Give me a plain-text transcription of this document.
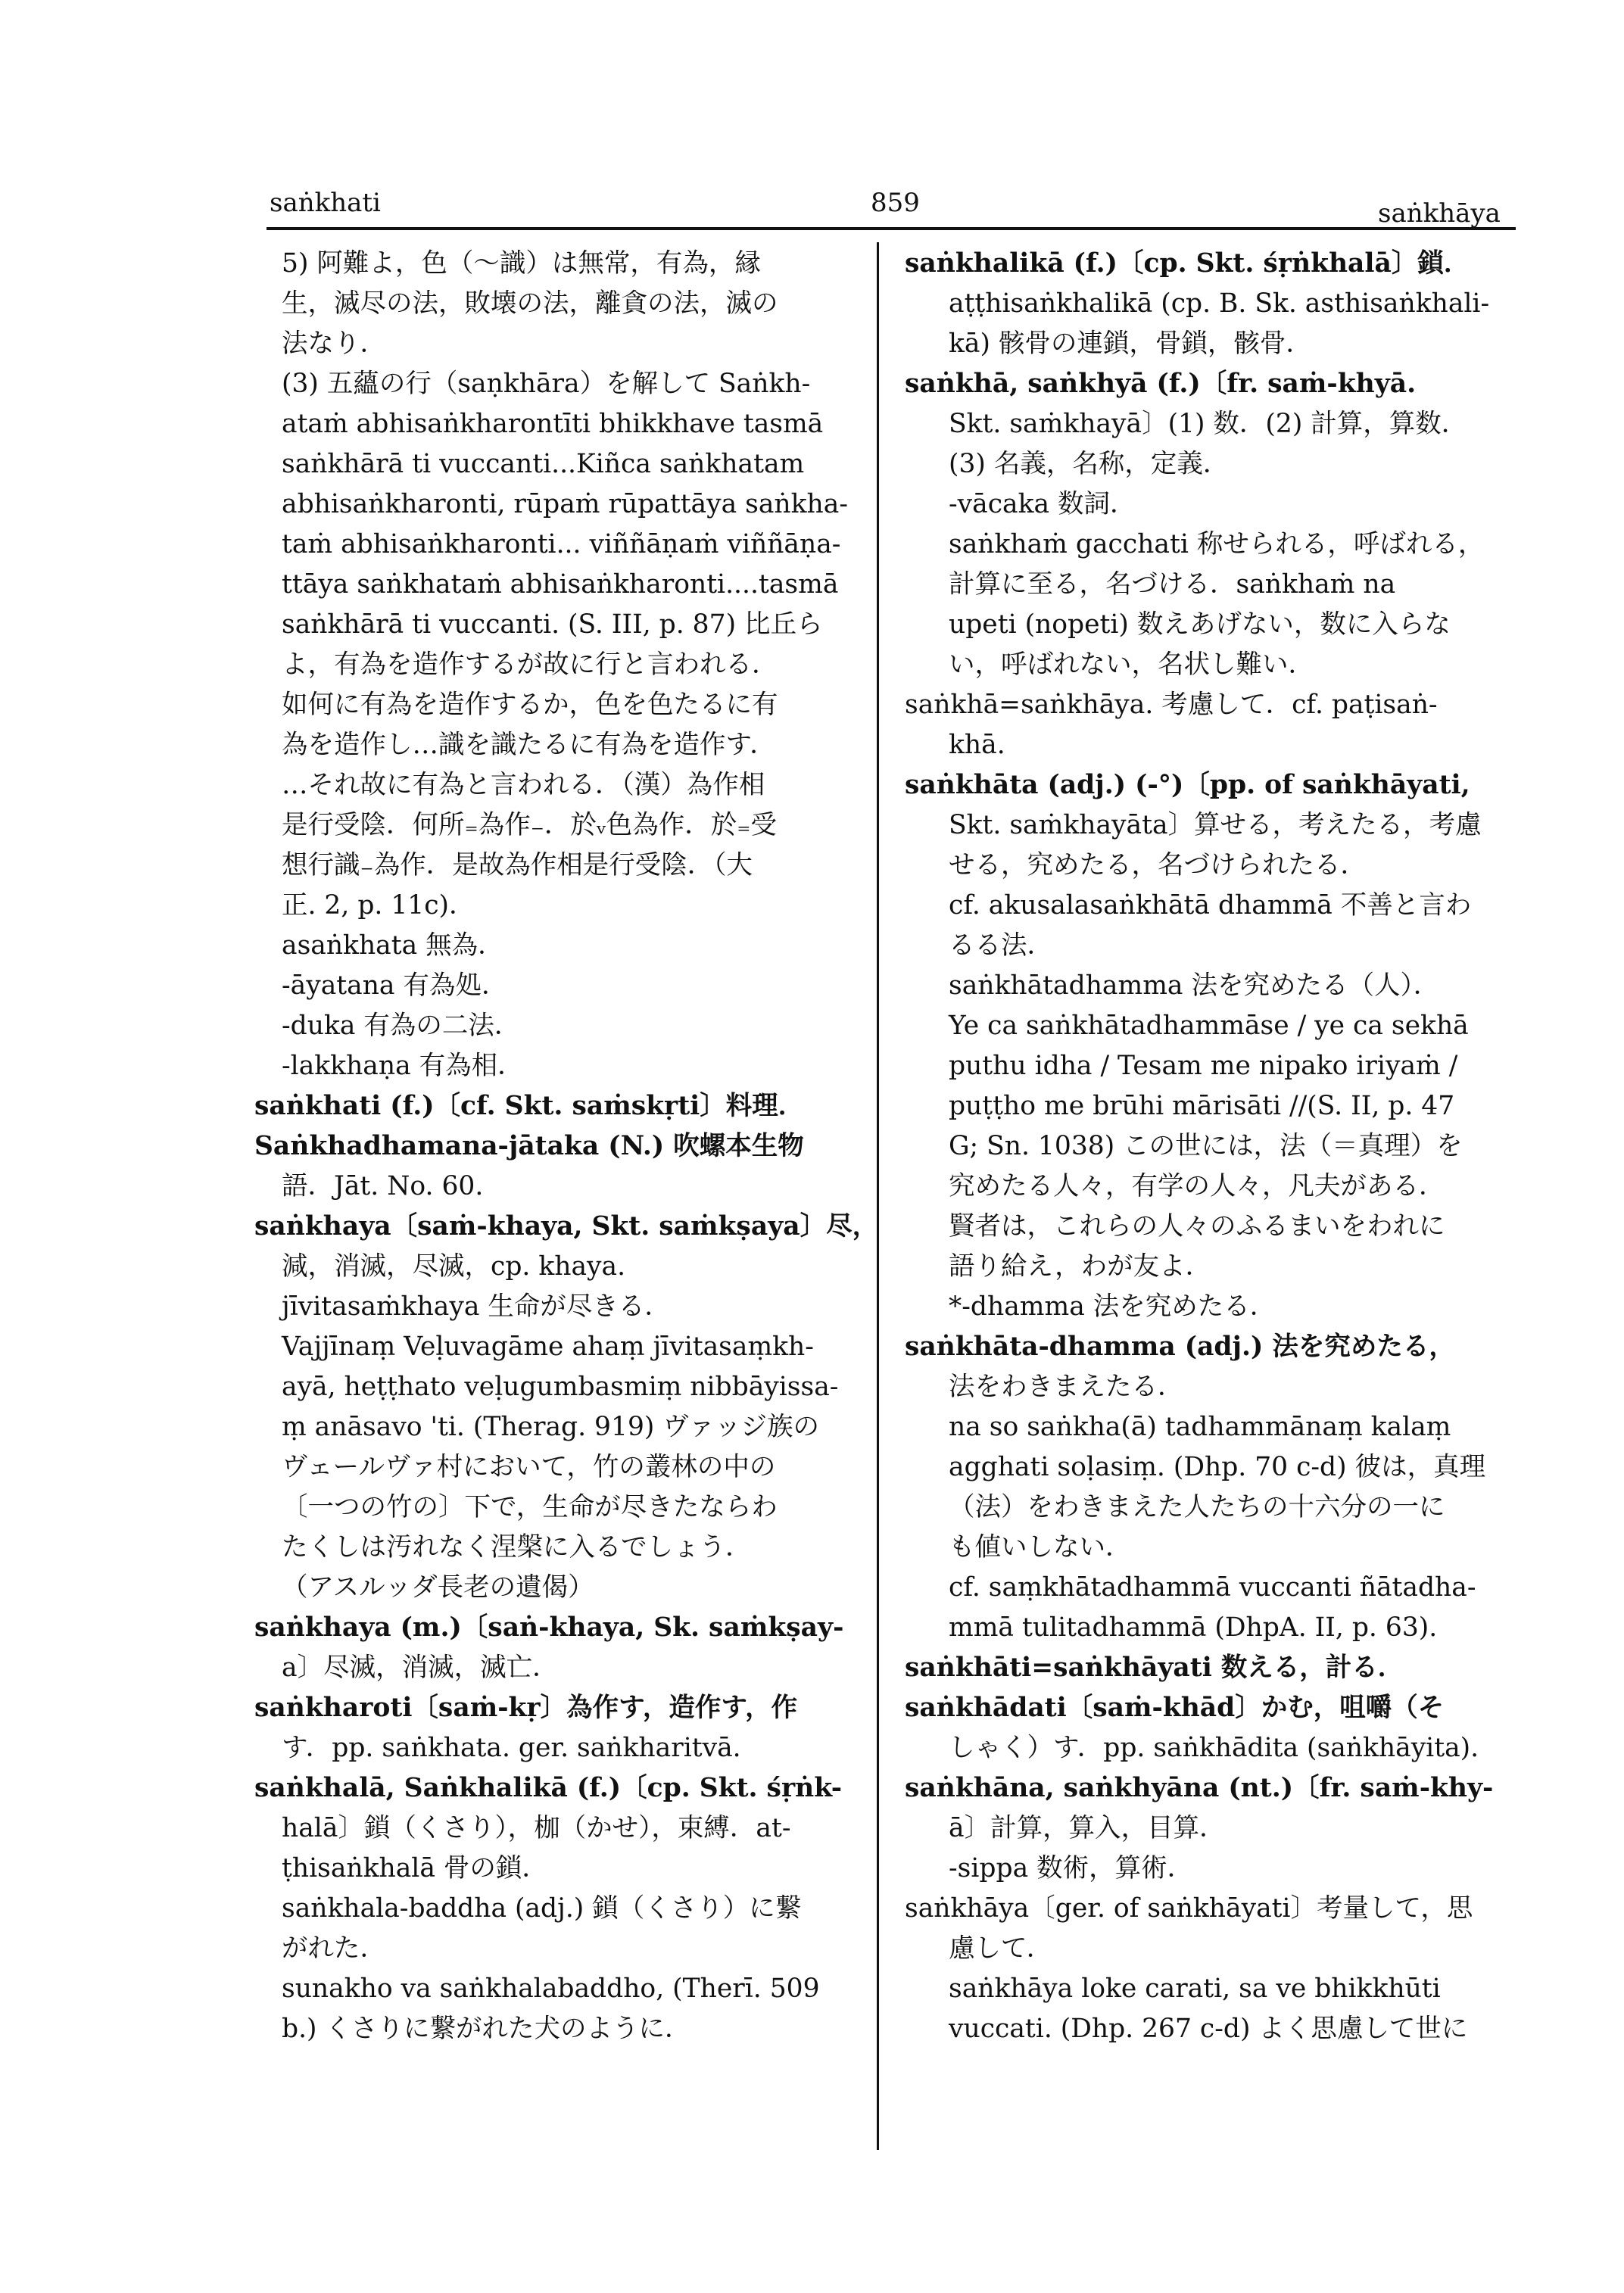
saṅkhati	859	saṅkhāya
5) 阿難よ，色（〜識）は無常，有為，縁
生，滅尽の法，敗壊の法，離貪の法，滅の
法なり．
(3) 五蘊の行（saṇkhāra）を解して Saṅkh-
ataṁ abhisaṅkharontīti bhikkhave tasmā
saṅkhārā ti vuccanti...Kiñca saṅkhatam
abhisaṅkharonti, rūpaṁ rūpattāya saṅkha-
taṁ abhisaṅkharonti... viññāṇaṁ viññāṇa-
ttāya saṅkhataṁ abhisaṅkharonti....tasmā
saṅkhārā ti vuccanti. (S. III, p. 87) 比丘ら
よ，有為を造作するが故に行と言われる．
如何に有為を造作するか，色を色たるに有
為を造作し…識を識たるに有為を造作す．
…それ故に有為と言われる．（漢）為作相
是行受陰．何所₌為作₋．於ᵥ色為作．於₌受
想行識₋為作．是故為作相是行受陰．（大
正. 2, p. 11c)．
asaṅkhata 無為．
-āyatana 有為処．
-duka 有為の二法．
-lakkhaṇa 有為相．
saṅkhati (f.)〔cf. Skt. saṁskṛti〕料理．
Saṅkhadhamana-jātaka (N.) 吹螺本生物
語．Jāt. No. 60.
saṅkhaya〔saṁ-khaya, Skt. saṁkṣaya〕尽，
減，消滅，尽滅，cp. khaya.
jīvitasaṁkhaya 生命が尽きる．
Vajjīnaṃ Veḷuvagāme ahaṃ jīvitasaṃkh-
ayā, heṭṭhato veḷugumbasmiṃ nibbāyissa-
ṃ anāsavo 'ti. (Therag. 919) ヴァッジ族の
ヴェールヴァ村において，竹の叢林の中の
〔一つの竹の〕下で，生命が尽きたならわ
たくしは汚れなく涅槃に入るでしょう．
（アスルッダ長老の遺偈）
saṅkhaya (m.)〔saṅ-khaya, Sk. saṁkṣay-
a〕尽滅，消滅，滅亡．
saṅkharoti〔saṁ-kṛ〕為作す，造作す，作
す．pp. saṅkhata. ger. saṅkharitvā.
saṅkhalā, Saṅkhalikā (f.)〔cp. Skt. śṛṅk-
halā〕鎖（くさり），枷（かせ），束縛．at-
ṭhisaṅkhalā 骨の鎖．
saṅkhala-baddha (adj.) 鎖（くさり）に繋
がれた．
sunakho va saṅkhalabaddho, (Therī. 509
b.) くさりに繋がれた犬のように．
saṅkhalikā (f.)〔cp. Skt. śṛṅkhalā〕鎖．
aṭṭhisaṅkhalikā (cp. B. Sk. asthisaṅkhali-
kā) 骸骨の連鎖，骨鎖，骸骨．
saṅkhā, saṅkhyā (f.)〔fr. saṁ-khyā.
Skt. saṁkhayā〕(1) 数．(2) 計算，算数．
(3) 名義，名称，定義．
-vācaka 数詞．
saṅkhaṁ gacchati 称せられる，呼ばれる，
計算に至る，名づける．saṅkhaṁ na
upeti (nopeti) 数えあげない，数に入らな
い，呼ばれない，名状し難い．
saṅkhā=saṅkhāya. 考慮して．cf. paṭisaṅ-
khā.
saṅkhāta (adj.) (-°)〔pp. of saṅkhāyati,
Skt. saṁkhayāta〕算せる，考えたる，考慮
せる，究めたる，名づけられたる．
cf. akusalasaṅkhātā dhammā 不善と言わ
るる法．
saṅkhātadhamma 法を究めたる（人）．
Ye ca saṅkhātadhammāse / ye ca sekhā
puthu idha / Tesam me nipako iriyaṁ /
puṭṭho me brūhi mārisāti //(S. II, p. 47
G; Sn. 1038) この世には，法（＝真理）を
究めたる人々，有学の人々，凡夫がある．
賢者は，これらの人々のふるまいをわれに
語り給え，わが友よ．
*-dhamma 法を究めたる．
saṅkhāta-dhamma (adj.) 法を究めたる，
法をわきまえたる．
na so saṅkha(ā) tadhammānaṃ kalaṃ
agghati soḷasiṃ. (Dhp. 70 c-d) 彼は，真理
（法）をわきまえた人たちの十六分の一に
も値いしない．
cf. saṃkhātadhammā vuccanti ñātadha-
mmā tulitadhammā (DhpA. II, p. 63).
saṅkhāti=saṅkhāyati 数える，計る．
saṅkhādati〔saṁ-khād〕かむ，咀嚼（そ
しゃく）す．pp. saṅkhādita (saṅkhāyita).
saṅkhāna, saṅkhyāna (nt.)〔fr. saṁ-khy-
ā〕計算，算入，目算．
-sippa 数術，算術．
saṅkhāya〔ger. of saṅkhāyati〕考量して，思
慮して．
saṅkhāya loke carati, sa ve bhikkhūti
vuccati. (Dhp. 267 c-d) よく思慮して世に
